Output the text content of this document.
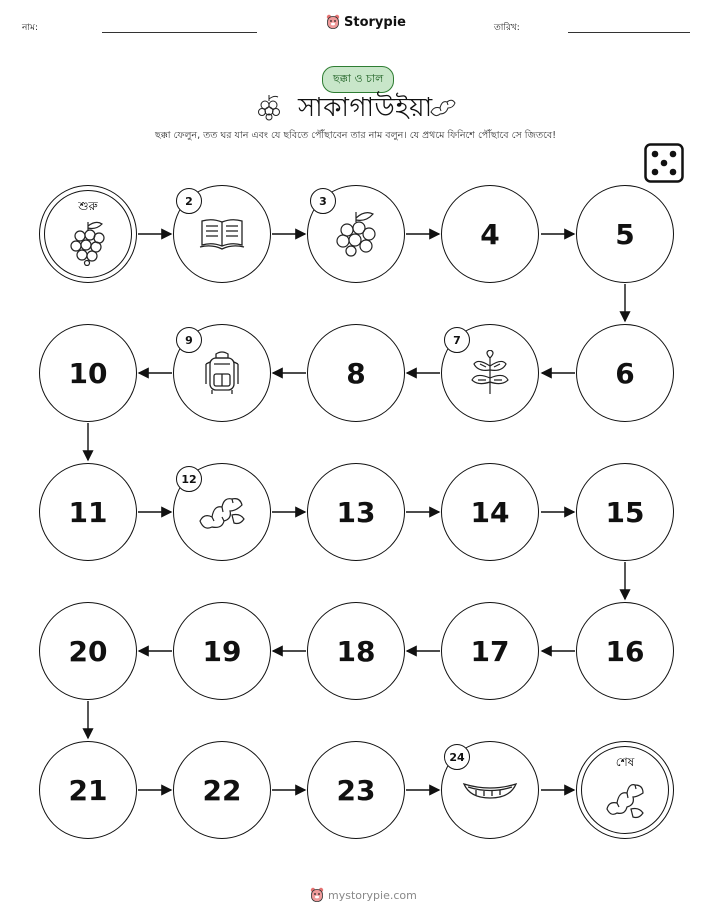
নাম:	Storypie	তারিখ:
ছক্কা ও চাল
সাকাগাউইয়া
ছক্কা ফেলুন, তত ঘর যান এবং যে ছবিতে পৌঁছাবেন তার নাম বলুন। যে প্রথমে ফিনিশে পৌঁছাবে সে জিতবে!
শুরু	2	3
4	5
10
9
8
7
6
11
12
13	14	15
20	19	18	17	16
21	22	23
24	শেষ
mystorypie.com
